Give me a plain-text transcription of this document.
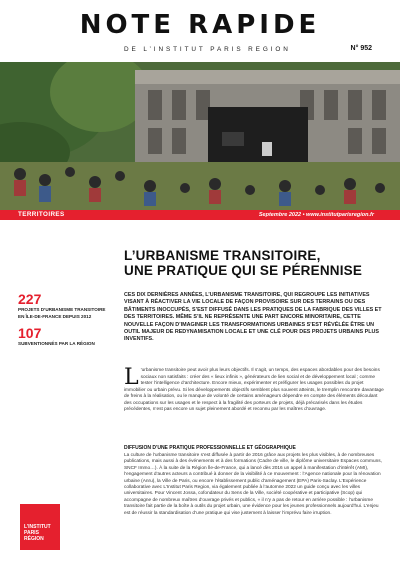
NOTE RAPIDE
DE L’INSTITUT PARIS REGION	N° 952
TERRITOIRES	Septembre 2022 • www.institutparisregion.fr
L’URBANISME TRANSITOIRE,
UNE PRATIQUE QUI SE PÉRENNISE
227
PROJETS D’URBANISME TRANSITOIRE
EN ÎLE-DE-FRANCE DEPUIS 2012
107
SUBVENTIONNÉS PAR LA RÉGION
CES DIX DERNIÈRES ANNÉES, L’URBANISME TRANSITOIRE, QUI REGROUPE LES INITIATIVES VISANT À RÉACTIVER LA VIE LOCALE DE FAÇON PROVISOIRE SUR DES TERRAINS OU DES BÂTIMENTS INOCCUPÉS, S’EST DIFFUSÉ DANS LES PRATIQUES DE LA FABRIQUE DES VILLES ET DES TERRITOIRES. MÊME S’IL NE REPRÉSENTE UNE PART ENCORE MINORITAIRE, CETTE NOUVELLE FAÇON D’IMAGINER LES TRANSFORMATIONS URBAINES S’EST RÉVÉLÉE ÊTRE UN OUTIL MAJEUR DE REDYNAMISATION LOCALE ET UNE CLÉ POUR DES PROJETS URBAINS PLUS INVENTIFS.
L ’urbanisme transitoire peut avoir plus leurs objectifs. Il s’agit, un temps, des espaces abordables pour des besoins sociaux non satisfaits : créer des « lieux infinis », générateurs de lien social et de développement local ; comme tester l’intelligence d’architecture. Encore mieux, expérimenter et préfigurer les usages possibles du projet immobilier ou urbain prévu. Si les développements objectifs semblent plus souvent atteints, le tremplin rencontre davantage de freins à la réalisation, ou le manque de volonté de certains aménageurs dépendre en compte des éléments découlant des occupations sur les usages et le respect à la fragilité des porteurs de projets, déjà précarisés dans les études précédentes, n’est pas encore un sujet pleinement abordé et reconnu par les maîtres d’ouvrage.
DIFFUSION D’UNE PRATIQUE PROFESSIONNELLE ET GÉOGRAPHIQUE
La culture de l’urbanisme transitoire s’est diffusée à partir de 2016 grâce aux projets les plus visibles, à de nombreuses publications, mais aussi à des événements et à des formations (Cadre de ville, le diplôme universitaire Espaces communs, SNCF Immo…). À la suite de la Région Île-de-France, qui a lancé dès 2016 un appel à manifestation d’intérêt (AMI), l’engagement d’autres acteurs a contribué à donner de la visibilité à ce mouvement : l’Agence nationale pour la rénovation urbaine (Anru), la Ville de Paris, ou encore l’établissement public d’aménagement (EPA) Paris-Saclay. L’Expérience collaborative avec L’Institut Paris Region, via également publiée à l’automne 2022 un guide conçu avec les villes universitaires. Pour Vincent Jossa, cofondateur du Sens de la Ville, société coopérative et participative (Scop) qui accompagne de nombreux maîtres d’ouvrage privés et publics, « il n’y a pas de retour en arrière possible : l’urbanisme transitoire fait partie de la boîte à outils du projet urbain, une évidence pour les jeunes professionnels aujourd’hui. L’enjeu est de réussir la standardisation d’une pratique qui vise justement à laisser l’imprévu faire irruption.
L’INSTITUT
PARIS
RÉGION
